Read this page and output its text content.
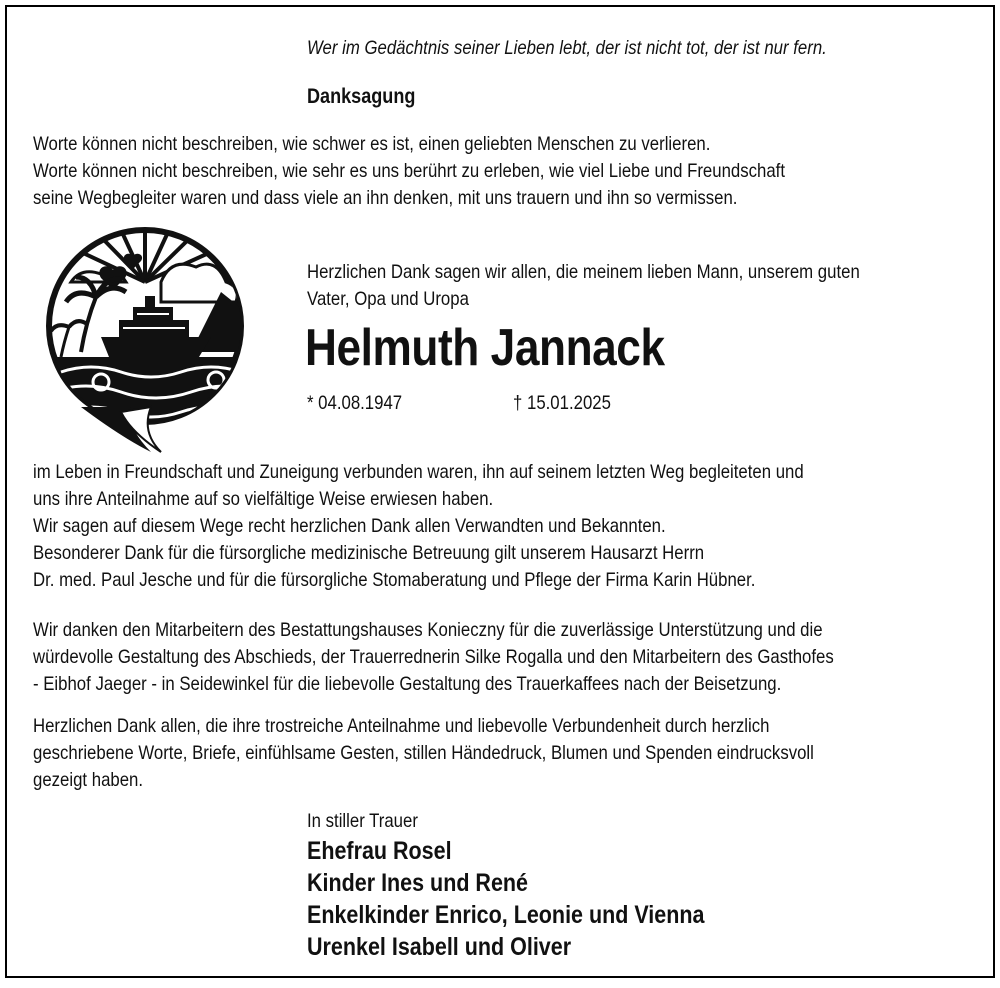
Wer im Gedächtnis seiner Lieben lebt, der ist nicht tot, der ist nur fern.
Danksagung
Worte können nicht beschreiben, wie schwer es ist, einen geliebten Menschen zu verlieren.
Worte können nicht beschreiben, wie sehr es uns berührt zu erleben, wie viel Liebe und Freundschaft
seine Wegbegleiter waren und dass viele an ihn denken, mit uns trauern und ihn so vermissen.
Herzlichen Dank sagen wir allen, die meinem lieben Mann, unserem guten
Vater, Opa und Uropa
Helmuth Jannack
* 04.08.1947	† 15.01.2025
im Leben in Freundschaft und Zuneigung verbunden waren, ihn auf seinem letzten Weg begleiteten und
uns ihre Anteilnahme auf so vielfältige Weise erwiesen haben.
Wir sagen auf diesem Wege recht herzlichen Dank allen Verwandten und Bekannten.
Besonderer Dank für die fürsorgliche medizinische Betreuung gilt unserem Hausarzt Herrn
Dr. med. Paul Jesche und für die fürsorgliche Stomaberatung und Pflege der Firma Karin Hübner.
Wir danken den Mitarbeitern des Bestattungshauses Konieczny für die zuverlässige Unterstützung und die
würdevolle Gestaltung des Abschieds, der Trauerrednerin Silke Rogalla und den Mitarbeitern des Gasthofes
- Eibhof Jaeger - in Seidewinkel für die liebevolle Gestaltung des Trauerkaffees nach der Beisetzung.
Herzlichen Dank allen, die ihre trostreiche Anteilnahme und liebevolle Verbundenheit durch herzlich
geschriebene Worte, Briefe, einfühlsame Gesten, stillen Händedruck, Blumen und Spenden eindrucksvoll
gezeigt haben.
In stiller Trauer
Ehefrau Rosel
Kinder Ines und René
Enkelkinder Enrico, Leonie und Vienna
Urenkel Isabell und Oliver
